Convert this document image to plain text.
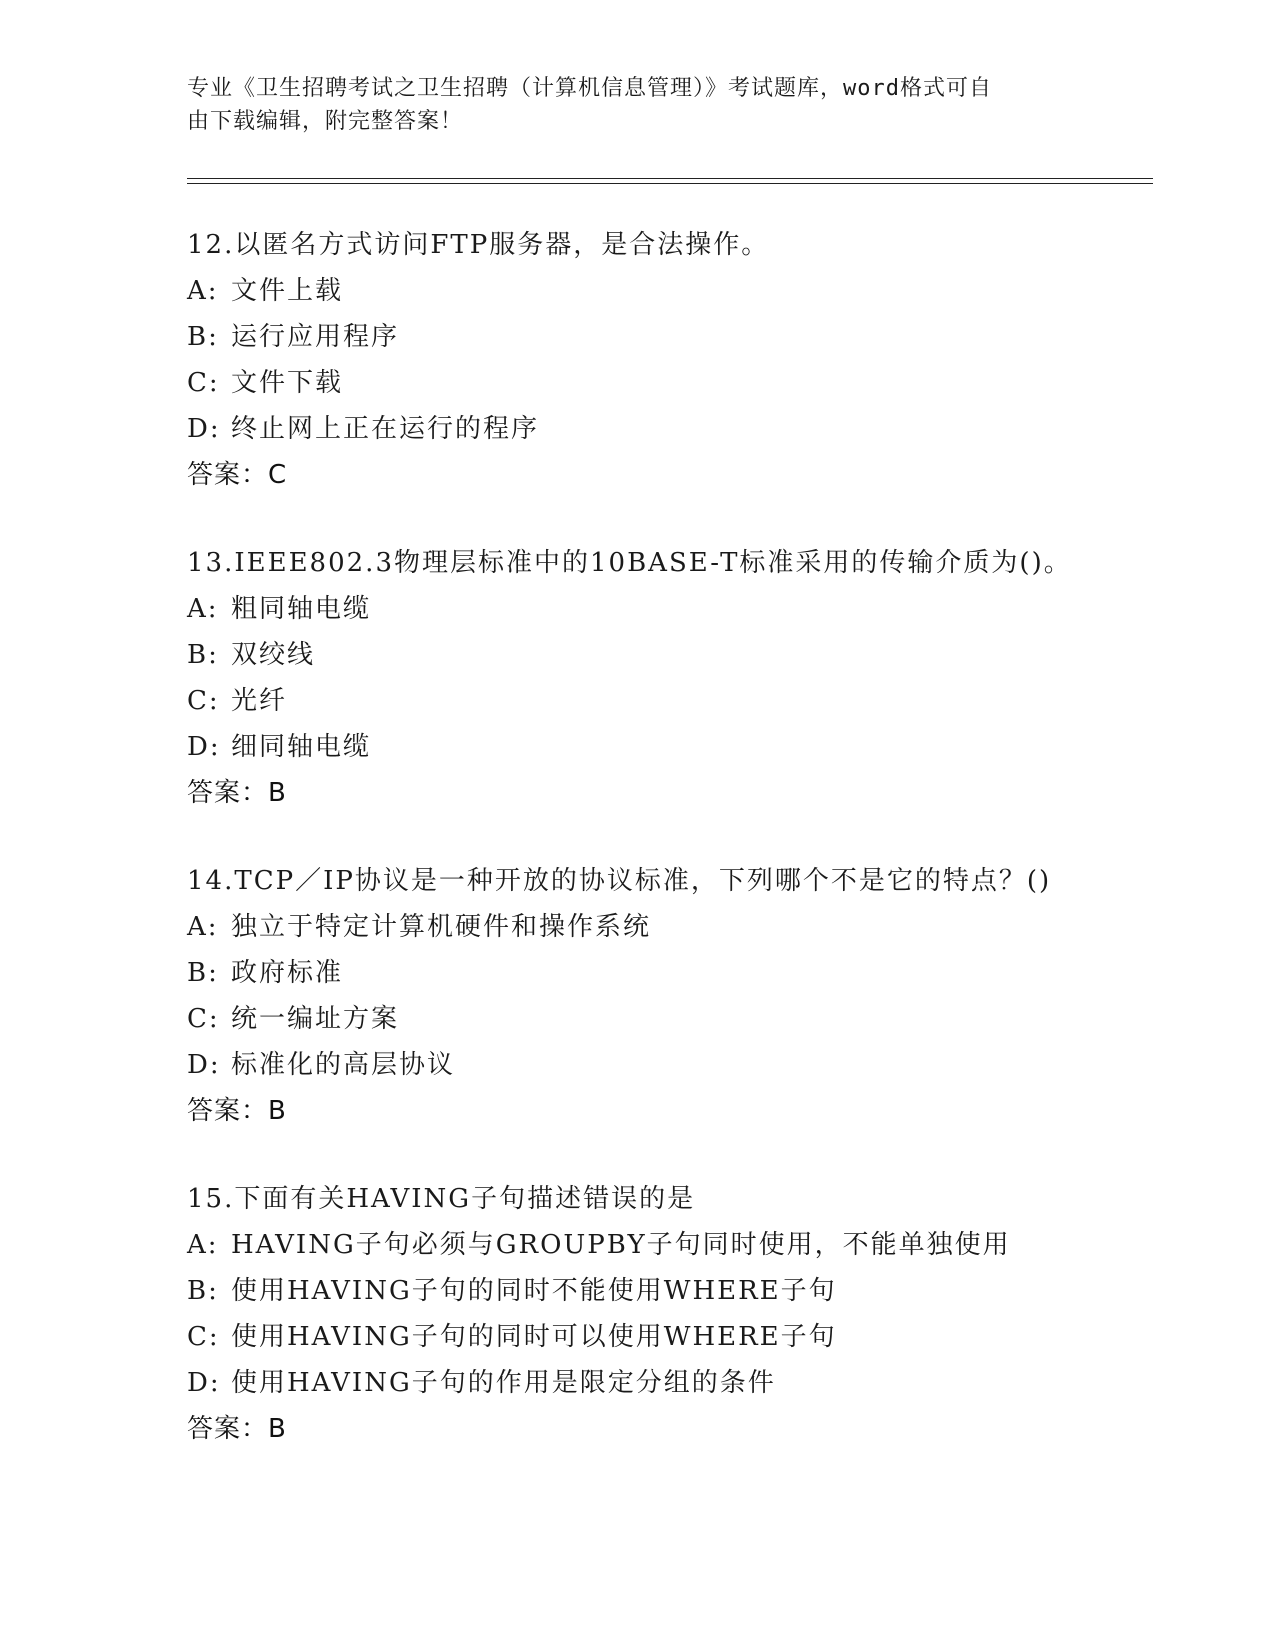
专业《卫生招聘考试之卫生招聘（计算机信息管理）》考试题库，word格式可自
由下载编辑，附完整答案！
12.以匿名方式访问FTP服务器，是合法操作。
A: 文件上载
B: 运行应用程序
C: 文件下载
D: 终止网上正在运行的程序
答案：C
13.IEEE802.3物理层标准中的10BASE-T标准采用的传输介质为()。
A: 粗同轴电缆
B: 双绞线
C: 光纤
D: 细同轴电缆
答案：B
14.TCP／IP协议是一种开放的协议标准，下列哪个不是它的特点？()
A: 独立于特定计算机硬件和操作系统
B: 政府标准
C: 统一编址方案
D: 标准化的高层协议
答案：B
15.下面有关HAVING子句描述错误的是
A: HAVING子句必须与GROUPBY子句同时使用，不能单独使用
B: 使用HAVING子句的同时不能使用WHERE子句
C: 使用HAVING子句的同时可以使用WHERE子句
D: 使用HAVING子句的作用是限定分组的条件
答案：B
